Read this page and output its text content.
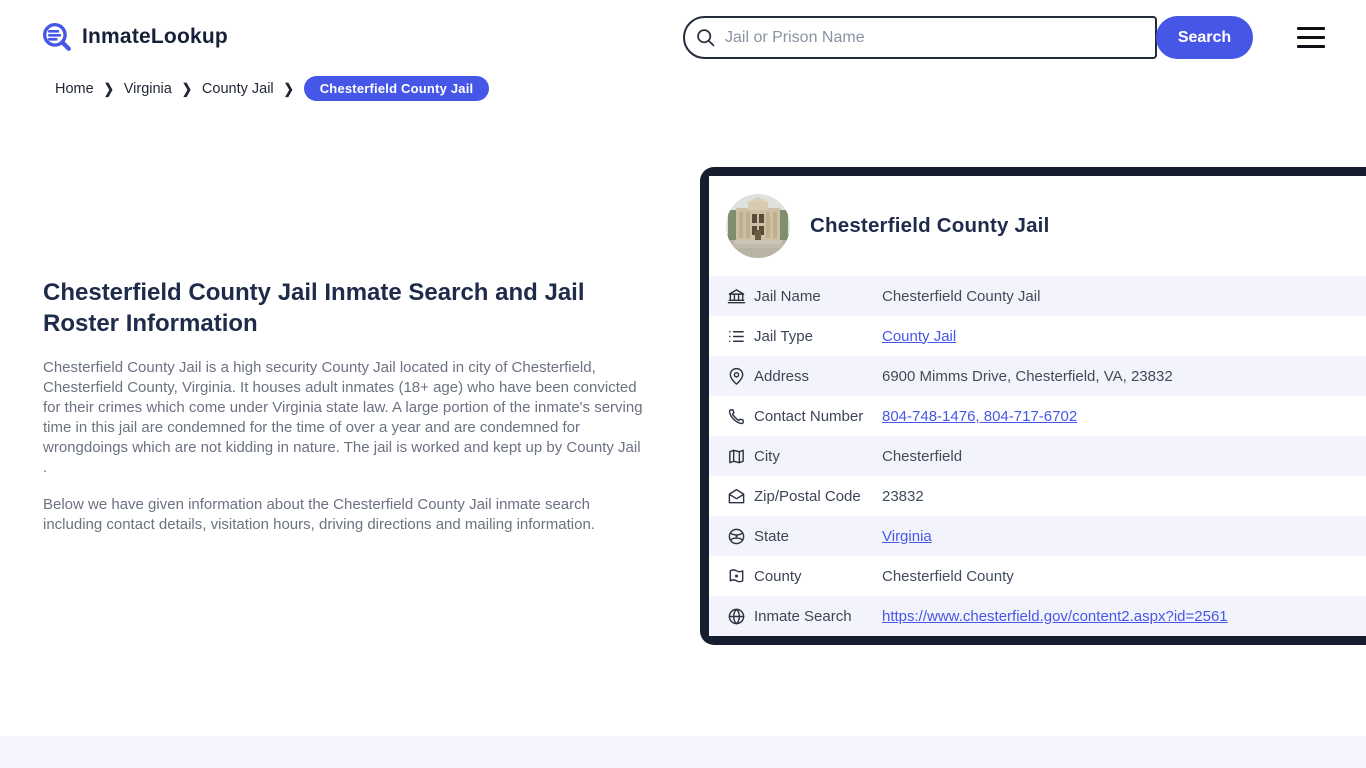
InmateLookup
Jail or Prison Name	Search
Home ❯ Virginia ❯ County Jail ❯	Chesterfield County Jail
Chesterfield County Jail Inmate Search and Jail Roster Information

Chesterfield County Jail is a high security County Jail located in city of Chesterfield, Chesterfield County, Virginia. It houses adult inmates (18+ age) who have been convicted for their crimes which come under Virginia state law. A large portion of the inmate's serving time in this jail are condemned for the time of over a year and are condemned for wrongdoings which are not kidding in nature. The jail is worked and kept up by County Jail .

Below we have given information about the Chesterfield County Jail inmate search including contact details, visitation hours, driving directions and mailing information.

Chesterfield County Jail
Jail Name	Chesterfield County Jail
Jail Type	County Jail
Address	6900 Mimms Drive, Chesterfield, VA, 23832
Contact Number	804-748-1476, 804-717-6702
City	Chesterfield
Zip/Postal Code	23832
State	Virginia
County	Chesterfield County
Inmate Search	https://www.chesterfield.gov/content2.aspx?id=2561
